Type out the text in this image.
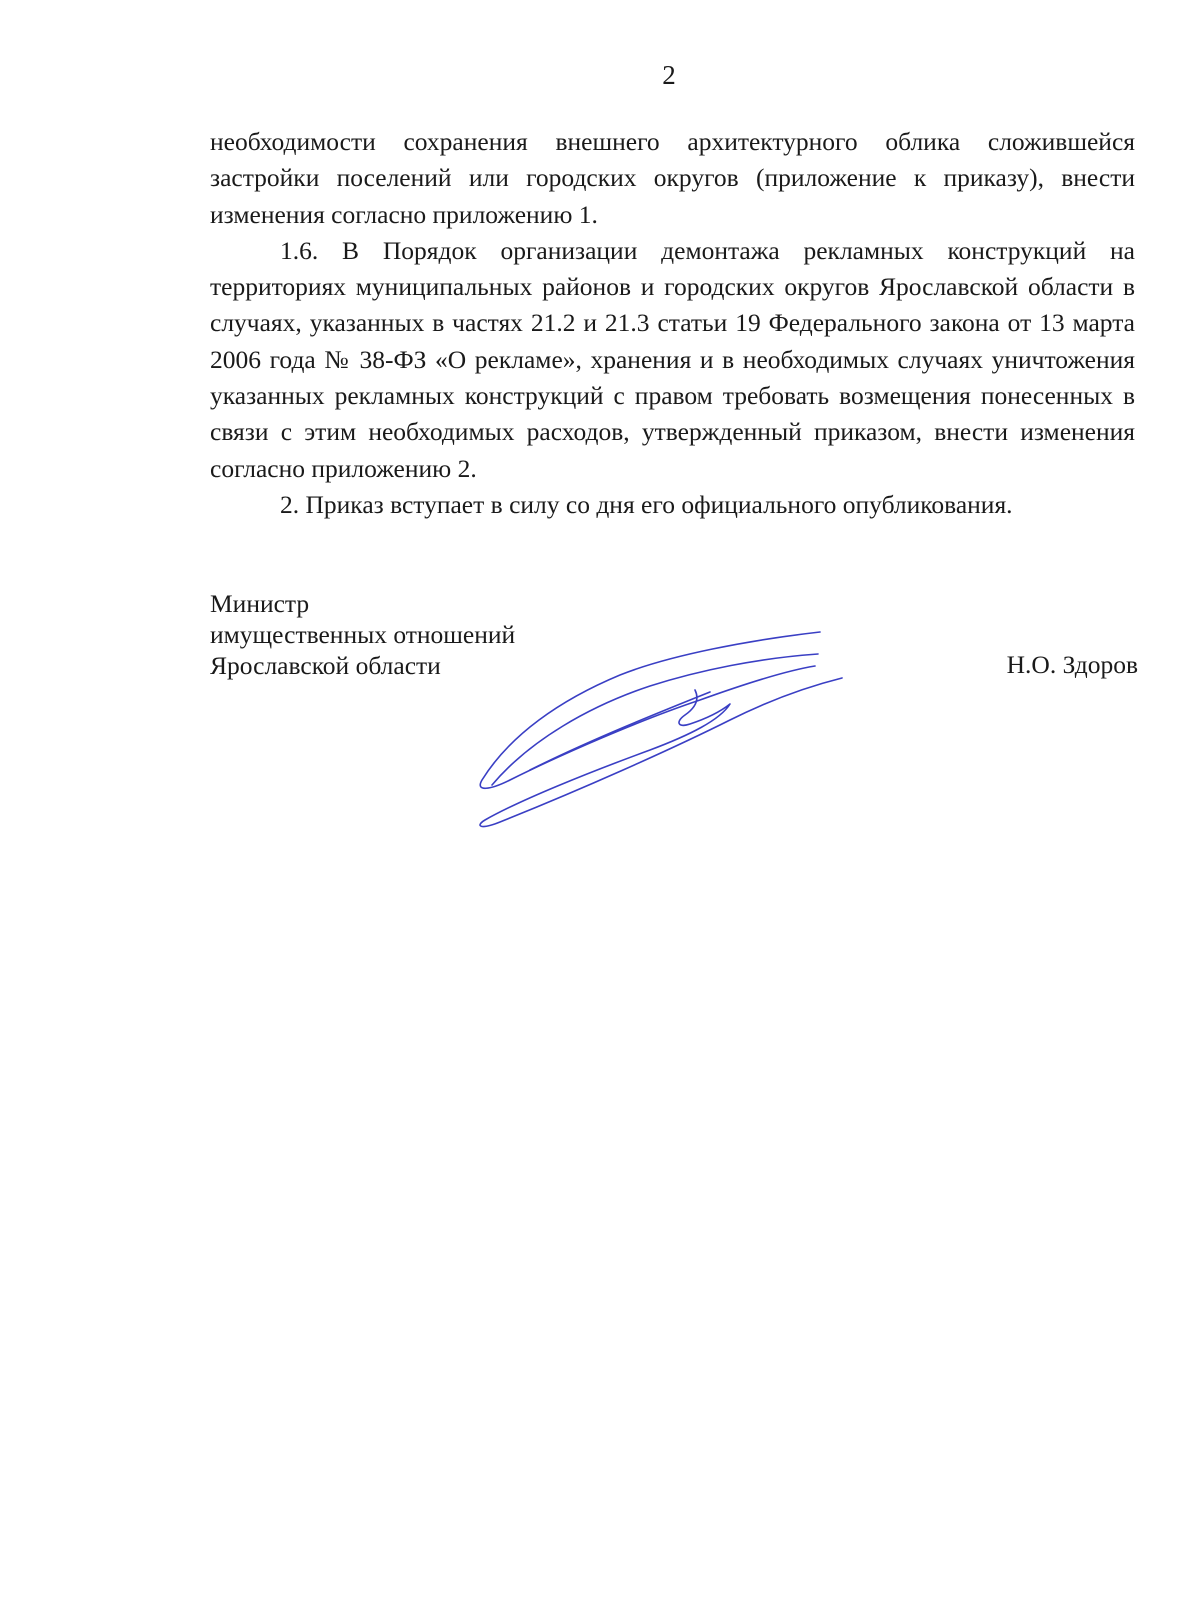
2

необходимости сохранения внешнего архитектурного облика сложившейся застройки поселений или городских округов (приложение к приказу), внести изменения согласно приложению 1.

1.6. В Порядок организации демонтажа рекламных конструкций на территориях муниципальных районов и городских округов Ярославской области в случаях, указанных в частях 21.2 и 21.3 статьи 19 Федерального закона от 13 марта 2006 года № 38-ФЗ «О рекламе», хранения и в необходимых случаях уничтожения указанных рекламных конструкций с правом требовать возмещения понесенных в связи с этим необходимых расходов, утвержденный приказом, внести изменения согласно приложению 2.

2. Приказ вступает в силу со дня его официального опубликования.

Министр
имущественных отношений
Ярославской области	Н.О. Здоров
